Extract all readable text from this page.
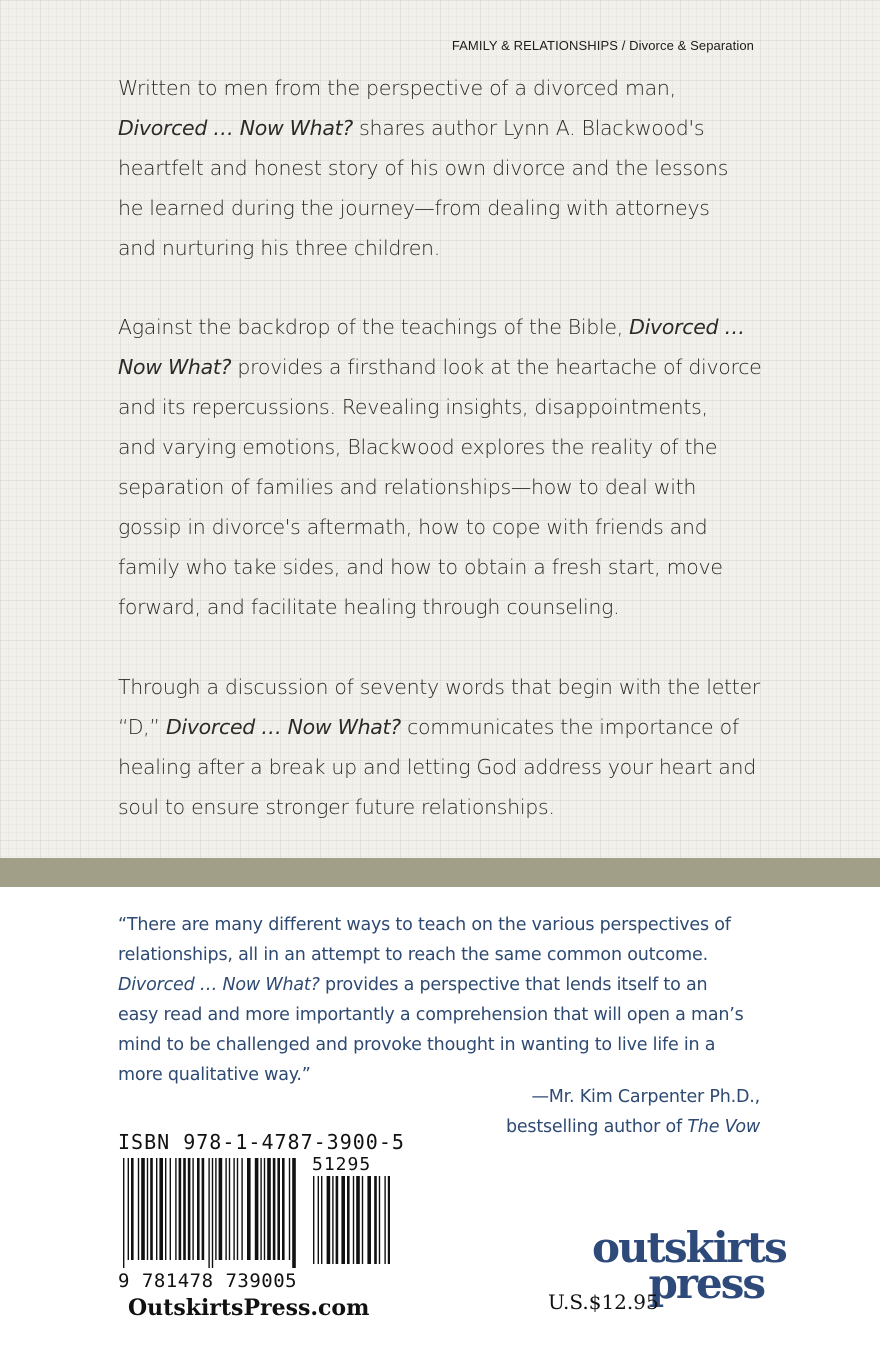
FAMILY & RELATIONSHIPS / Divorce & Separation
Written to men from the perspective of a divorced man,
Divorced … Now What? shares author Lynn A. Blackwood's
heartfelt and honest story of his own divorce and the lessons
he learned during the journey—from dealing with attorneys
and nurturing his three children.
Against the backdrop of the teachings of the Bible, Divorced …
Now What? provides a firsthand look at the heartache of divorce
and its repercussions. Revealing insights, disappointments,
and varying emotions, Blackwood explores the reality of the
separation of families and relationships—how to deal with
gossip in divorce's aftermath, how to cope with friends and
family who take sides, and how to obtain a fresh start, move
forward, and facilitate healing through counseling.
Through a discussion of seventy words that begin with the letter
“D,” Divorced … Now What? communicates the importance of
healing after a break up and letting God address your heart and
soul to ensure stronger future relationships.
“There are many different ways to teach on the various perspectives of
relationships, all in an attempt to reach the same common outcome.
Divorced … Now What? provides a perspective that lends itself to an
easy read and more importantly a comprehension that will open a man’s
mind to be challenged and provoke thought in wanting to live life in a
more qualitative way.”
—Mr. Kim Carpenter Ph.D.,
bestselling author of The Vow
ISBN 978-1-4787-3900-5
51295
9 781478 739005
OutskirtsPress.com
outskirts
press
U.S.$12.95
